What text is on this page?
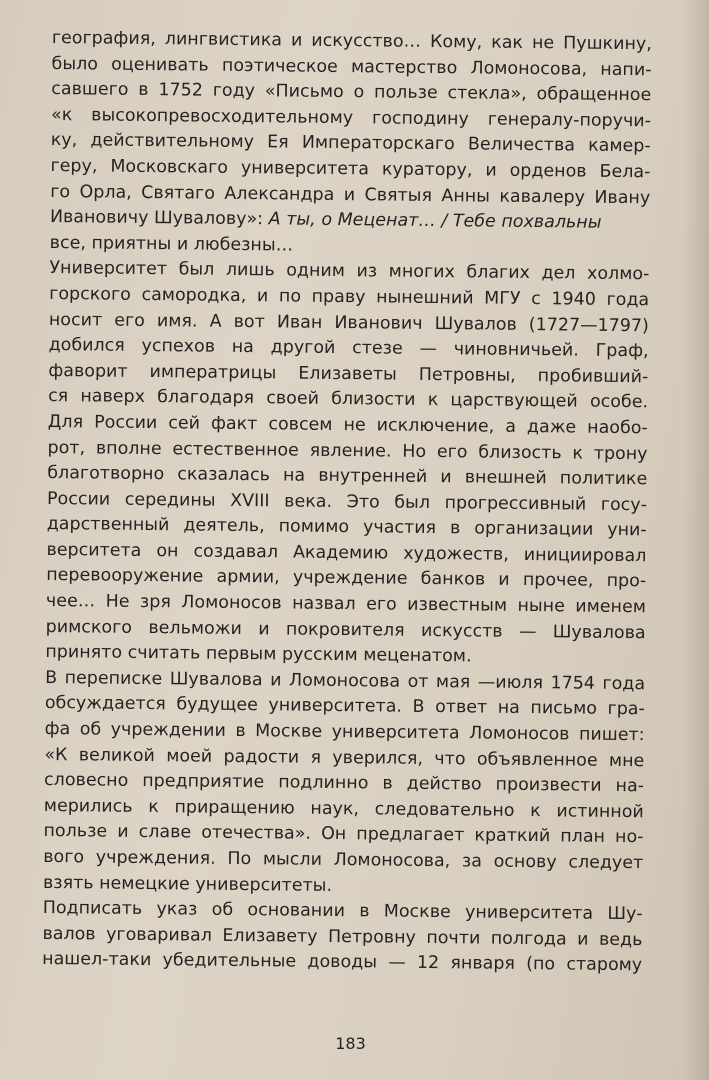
география, лингвистика и искусство… Кому, как не Пушкину,
было оценивать поэтическое мастерство Ломоносова, напи-
савшего в 1752 году «Письмо о пользе стекла», обращенное
«к высокопревосходительному господину генералу-поручи-
ку, действительному Ея Императорскаго Величества камер-
геру, Московскаго университета куратору, и орденов Бела-
го Орла, Святаго Александра и Святыя Анны кавалеру Ивану
Ивановичу Шувалову»: А ты, о Меценат… / Тебе похвальны
все, приятны и любезны…
Университет был лишь одним из многих благих дел холмо-
горского самородка, и по праву нынешний МГУ с 1940 года
носит его имя. А вот Иван Иванович Шувалов (1727—1797)
добился успехов на другой стезе — чиновничьей. Граф,
фаворит императрицы Елизаветы Петровны, пробивший-
ся наверх благодаря своей близости к царствующей особе.
Для России сей факт совсем не исключение, а даже наобо-
рот, вполне естественное явление. Но его близость к трону
благотворно сказалась на внутренней и внешней политике
России середины XVIII века. Это был прогрессивный госу-
дарственный деятель, помимо участия в организации уни-
верситета он создавал Академию художеств, инициировал
перевооружение армии, учреждение банков и прочее, про-
чее… Не зря Ломоносов назвал его известным ныне именем
римского вельможи и покровителя искусств — Шувалова
принято считать первым русским меценатом.
В переписке Шувалова и Ломоносова от мая —июля 1754 года
обсуждается будущее университета. В ответ на письмо гра-
фа об учреждении в Москве университета Ломоносов пишет:
«К великой моей радости я уверился, что объявленное мне
словесно предприятие подлинно в действо произвести на-
мерились к приращению наук, следовательно к истинной
пользе и славе отечества». Он предлагает краткий план но-
вого учреждения. По мысли Ломоносова, за основу следует
взять немецкие университеты.
Подписать указ об основании в Москве университета Шу-
валов уговаривал Елизавету Петровну почти полгода и ведь
нашел-таки убедительные доводы — 12 января (по старому
183
